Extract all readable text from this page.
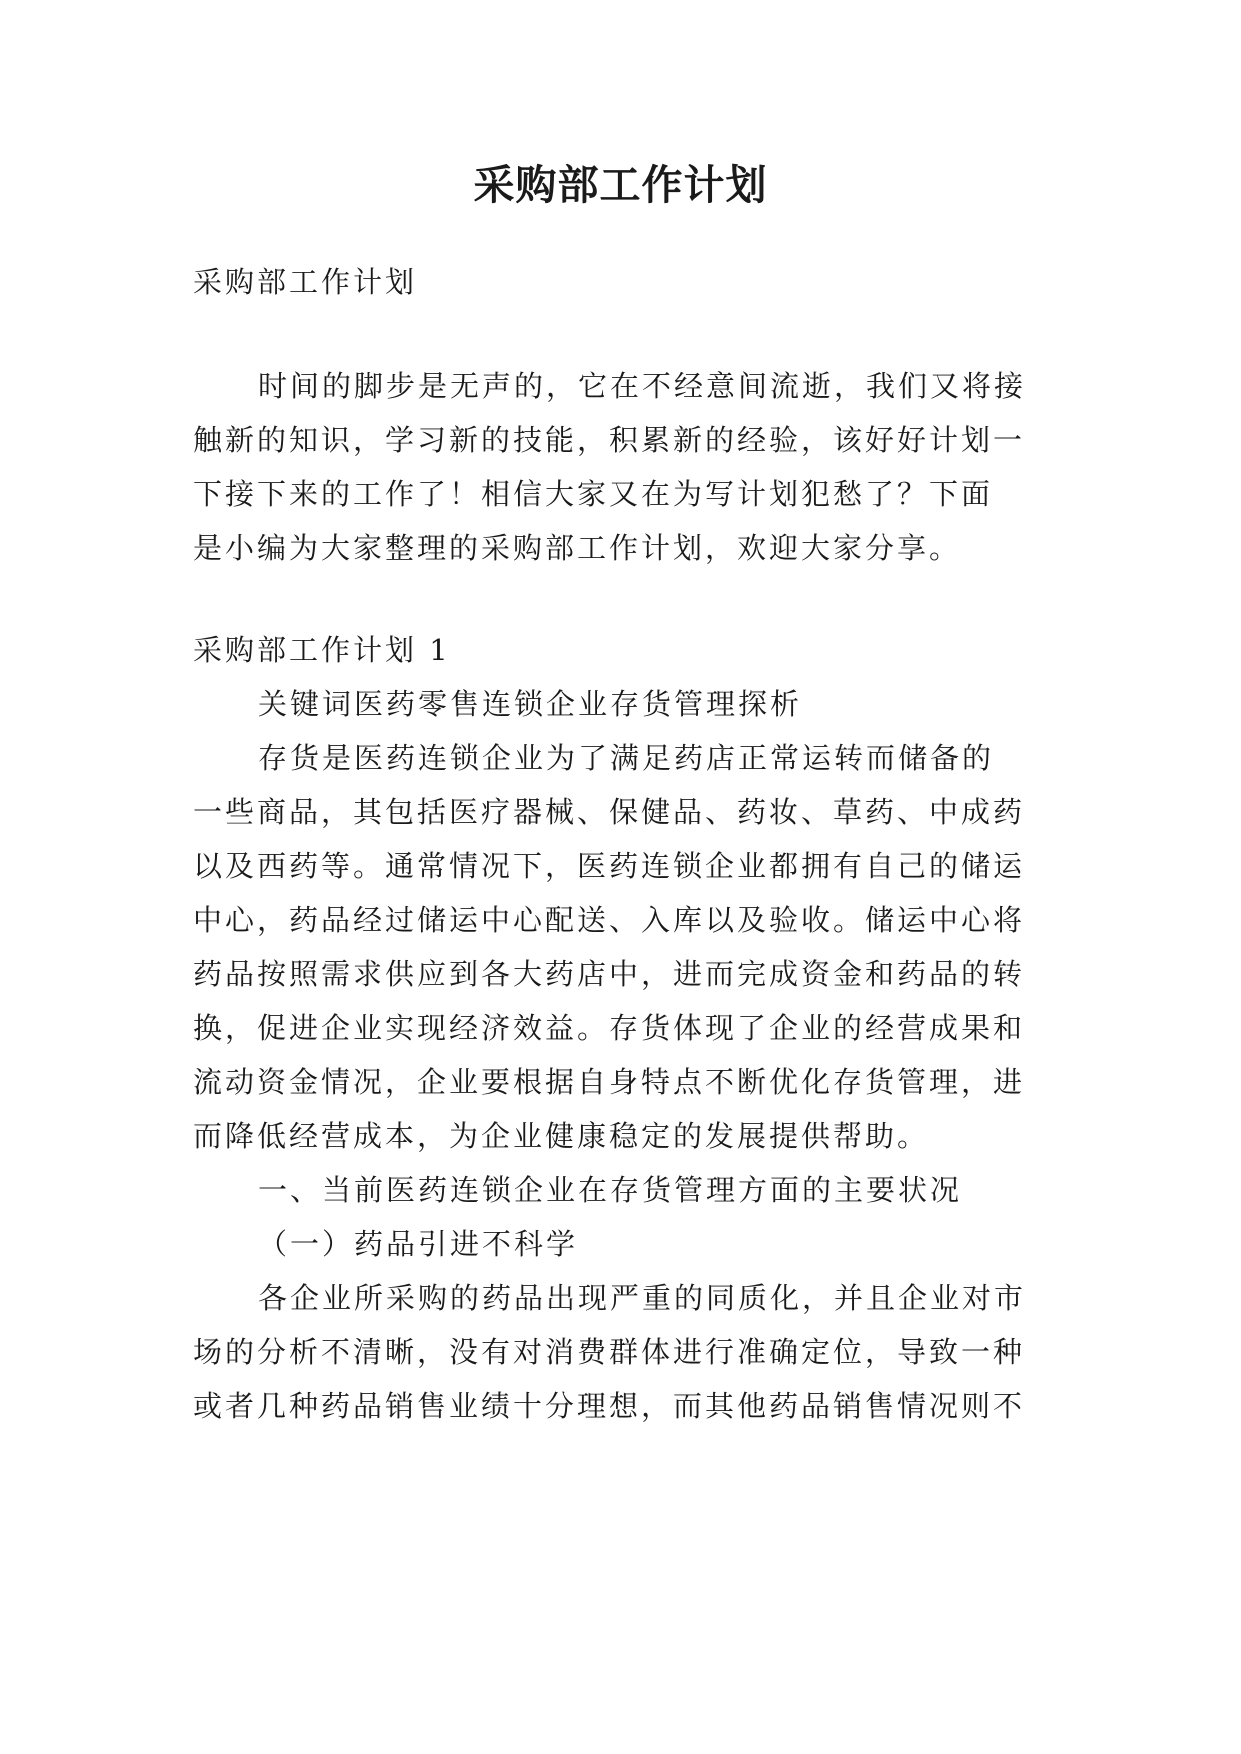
采购部工作计划

采购部工作计划

时间的脚步是无声的，它在不经意间流逝，我们又将接

触新的知识，学习新的技能，积累新的经验，该好好计划一

下接下来的工作了！相信大家又在为写计划犯愁了？下面

是小编为大家整理的采购部工作计划，欢迎大家分享。

采购部工作计划 1

关键词医药零售连锁企业存货管理探析

存货是医药连锁企业为了满足药店正常运转而储备的

一些商品，其包括医疗器械、保健品、药妆、草药、中成药

以及西药等。通常情况下，医药连锁企业都拥有自己的储运

中心，药品经过储运中心配送、入库以及验收。储运中心将

药品按照需求供应到各大药店中，进而完成资金和药品的转

换，促进企业实现经济效益。存货体现了企业的经营成果和

流动资金情况，企业要根据自身特点不断优化存货管理，进

而降低经营成本，为企业健康稳定的发展提供帮助。

一、当前医药连锁企业在存货管理方面的主要状况

（一）药品引进不科学

各企业所采购的药品出现严重的同质化，并且企业对市

场的分析不清晰，没有对消费群体进行准确定位，导致一种

或者几种药品销售业绩十分理想，而其他药品销售情况则不
